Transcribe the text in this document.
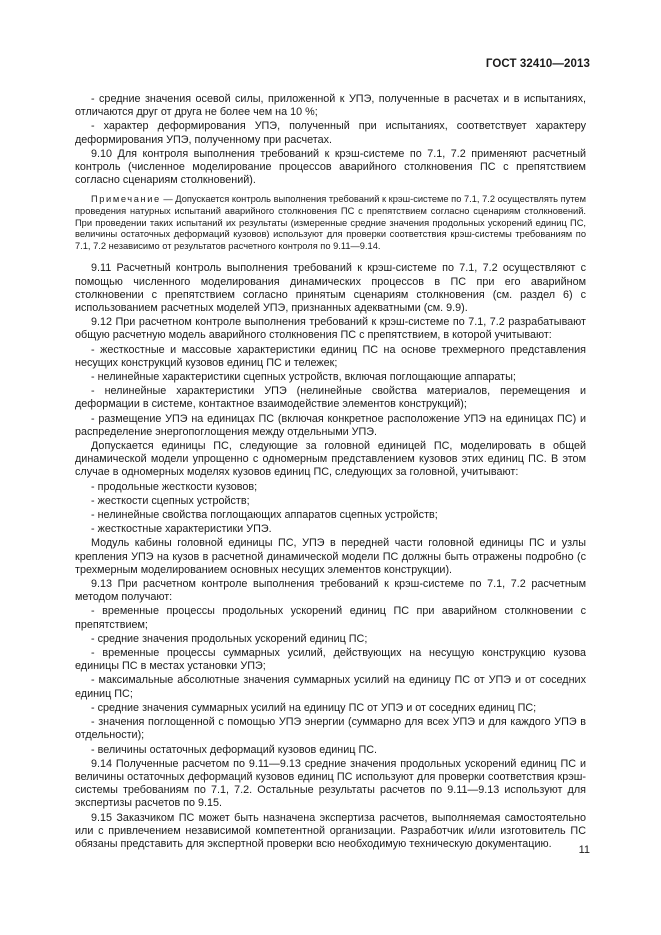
ГОСТ 32410—2013

- средние значения осевой силы, приложенной к УПЭ, полученные в расчетах и в испытаниях, отличаются друг от друга не более чем на 10 %;

- характер деформирования УПЭ, полученный при испытаниях, соответствует характеру деформирования УПЭ, полученному при расчетах.

9.10 Для контроля выполнения требований к крэш-системе по 7.1, 7.2 применяют расчетный контроль (численное моделирование процессов аварийного столкновения ПС с препятствием согласно сценариям столкновений).

Примечание — Допускается контроль выполнения требований к крэш-системе по 7.1, 7.2 осуществлять путем проведения натурных испытаний аварийного столкновения ПС с препятствием согласно сценариям столкновений. При проведении таких испытаний их результаты (измеренные средние значения продольных ускорений единиц ПС, величины остаточных деформаций кузовов) используют для проверки соответствия крэш-системы требованиям по 7.1, 7.2 независимо от результатов расчетного контроля по 9.11—9.14.

9.11 Расчетный контроль выполнения требований к крэш-системе по 7.1, 7.2 осуществляют с помощью численного моделирования динамических процессов в ПС при его аварийном столкновении с препятствием согласно принятым сценариям столкновения (см. раздел 6) с использованием расчетных моделей УПЭ, признанных адекватными (см. 9.9).

9.12 При расчетном контроле выполнения требований к крэш-системе по 7.1, 7.2 разрабатывают общую расчетную модель аварийного столкновения ПС с препятствием, в которой учитывают:

- жесткостные и массовые характеристики единиц ПС на основе трехмерного представления несущих конструкций кузовов единиц ПС и тележек;

- нелинейные характеристики сцепных устройств, включая поглощающие аппараты;

- нелинейные характеристики УПЭ (нелинейные свойства материалов, перемещения и деформации в системе, контактное взаимодействие элементов конструкций);

- размещение УПЭ на единицах ПС (включая конкретное расположение УПЭ на единицах ПС) и распределение энергопоглощения между отдельными УПЭ.

Допускается единицы ПС, следующие за головной единицей ПС, моделировать в общей динамической модели упрощенно с одномерным представлением кузовов этих единиц ПС. В этом случае в одномерных моделях кузовов единиц ПС, следующих за головной, учитывают:

- продольные жесткости кузовов;

- жесткости сцепных устройств;

- нелинейные свойства поглощающих аппаратов сцепных устройств;

- жесткостные характеристики УПЭ.

Модуль кабины головной единицы ПС, УПЭ в передней части головной единицы ПС и узлы крепления УПЭ на кузов в расчетной динамической модели ПС должны быть отражены подробно (с трехмерным моделированием основных несущих элементов конструкции).

9.13 При расчетном контроле выполнения требований к крэш-системе по 7.1, 7.2 расчетным методом получают:

- временные процессы продольных ускорений единиц ПС при аварийном столкновении с препятствием;

- средние значения продольных ускорений единиц ПС;

- временные процессы суммарных усилий, действующих на несущую конструкцию кузова единицы ПС в местах установки УПЭ;

- максимальные абсолютные значения суммарных усилий на единицу ПС от УПЭ и от соседних единиц ПС;

- средние значения суммарных усилий на единицу ПС от УПЭ и от соседних единиц ПС;

- значения поглощенной с помощью УПЭ энергии (суммарно для всех УПЭ и для каждого УПЭ в отдельности);

- величины остаточных деформаций кузовов единиц ПС.

9.14 Полученные расчетом по 9.11—9.13 средние значения продольных ускорений единиц ПС и величины остаточных деформаций кузовов единиц ПС используют для проверки соответствия крэш-системы требованиям по 7.1, 7.2. Остальные результаты расчетов по 9.11—9.13 используют для экспертизы расчетов по 9.15.

9.15 Заказчиком ПС может быть назначена экспертиза расчетов, выполняемая самостоятельно или с привлечением независимой компетентной организации. Разработчик и/или изготовитель ПС обязаны представить для экспертной проверки всю необходимую техническую документацию.

11
